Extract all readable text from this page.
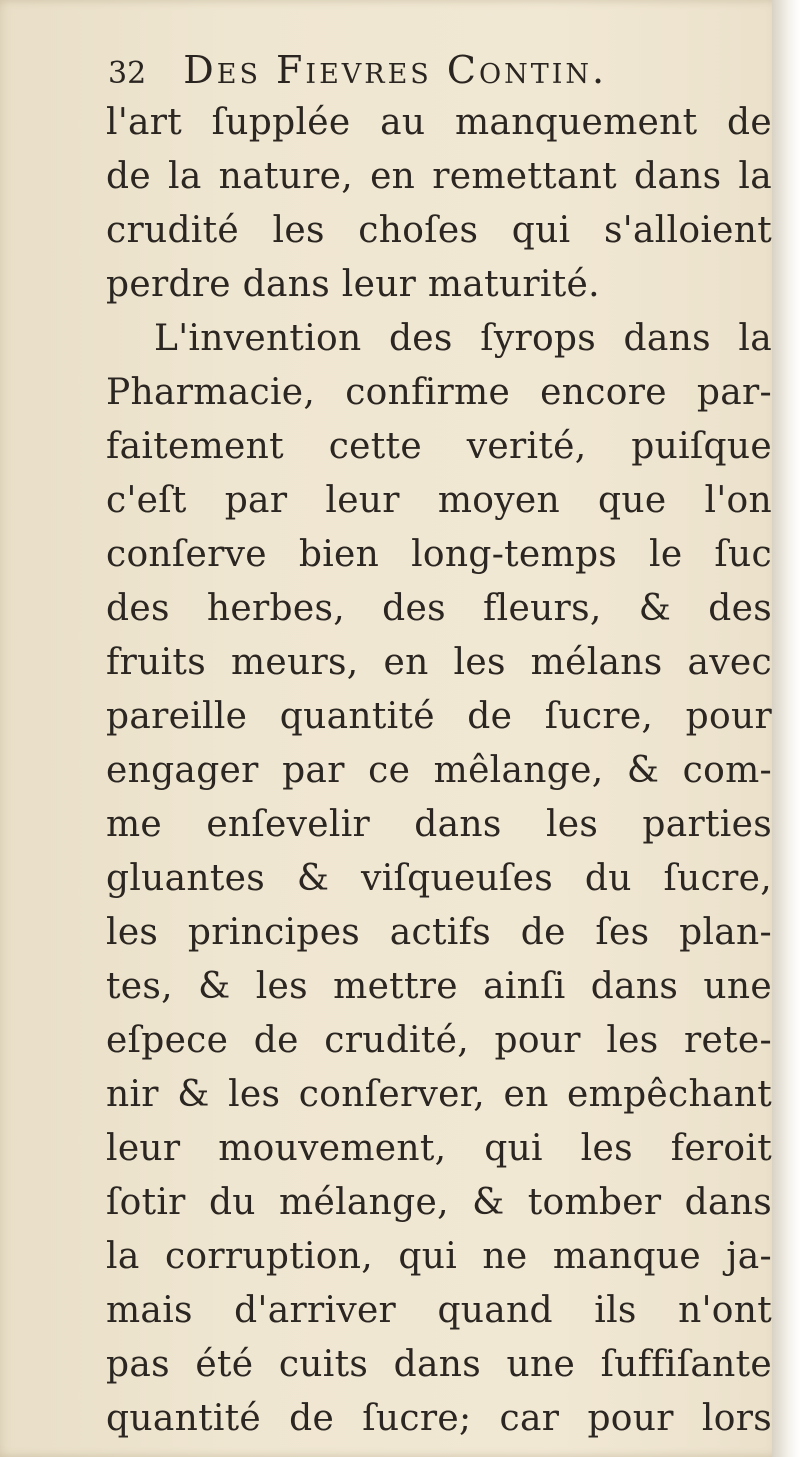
32 Des Fievres Contin.
l'art ſupplée au manquement de
de la nature, en remettant dans la
crudité les choſes qui s'alloient
perdre dans leur maturité.
L'invention des ſyrops dans la
Pharmacie, confirme encore par-
faitement cette verité, puiſque
c'eſt par leur moyen que l'on
conſerve bien long-temps le ſuc
des herbes, des fleurs, & des
fruits meurs, en les mélans avec
pareille quantité de ſucre, pour
engager par ce mêlange, & com-
me enſevelir dans les parties
gluantes & viſqueuſes du ſucre,
les principes actifs de ſes plan-
tes, & les mettre ainſi dans une
eſpece de crudité, pour les rete-
nir & les conſerver, en empêchant
leur mouvement, qui les feroit
ſotir du mélange, & tomber dans
la corruption, qui ne manque ja-
mais d'arriver quand ils n'ont
pas été cuits dans une ſuffiſante
quantité de ſucre; car pour lors
